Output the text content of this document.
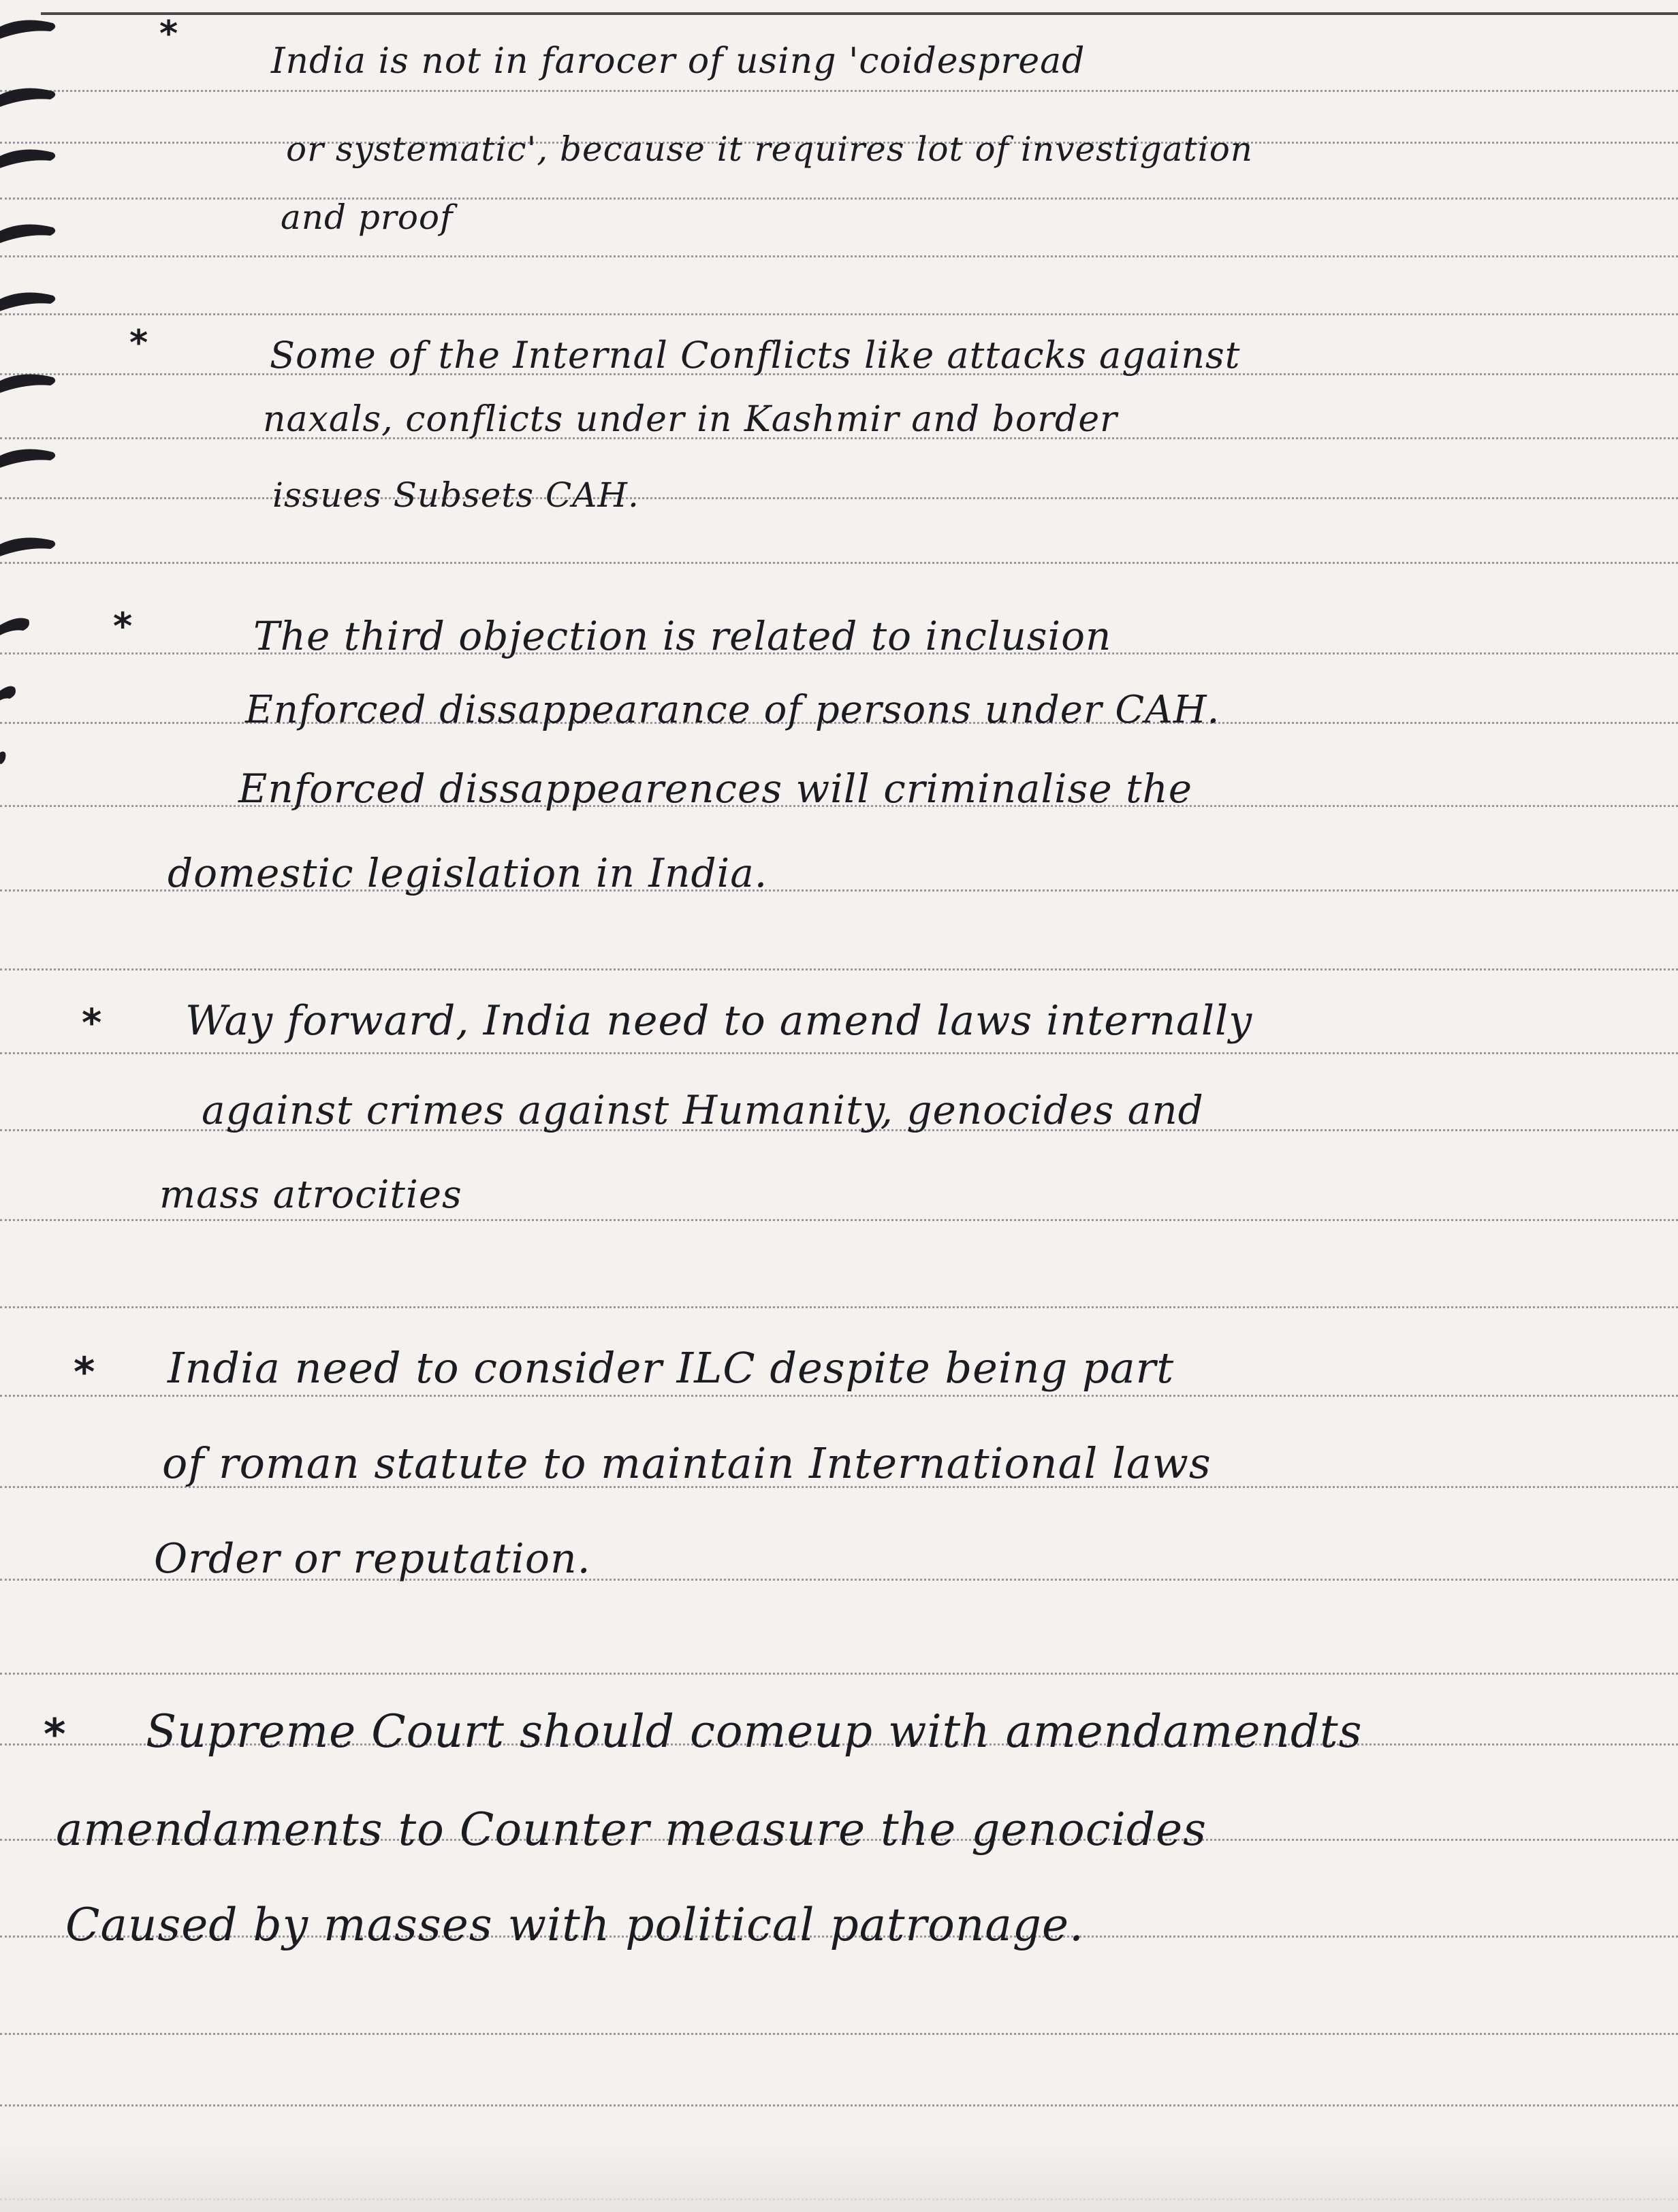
*
India is not in farocer of using 'coidespread
or systematic', because it requires lot of investigation
and proof
*	Some of the Internal Conflicts like attacks against
naxals, conflicts under in Kashmir and border
issues Subsets CAH.
*	The third objection is related to inclusion
Enforced dissappearance of persons under CAH.
Enforced dissappearences will criminalise the
domestic legislation in India.
* Way forward, India need to amend laws internally
against crimes against Humanity, genocides and
mass atrocities
* India need to consider ILC despite being part
of roman statute to maintain International laws
Order or reputation.
* Supreme Court should comeup with amendamendts
amendaments to Counter measure the genocides
Caused by masses with political patronage.
